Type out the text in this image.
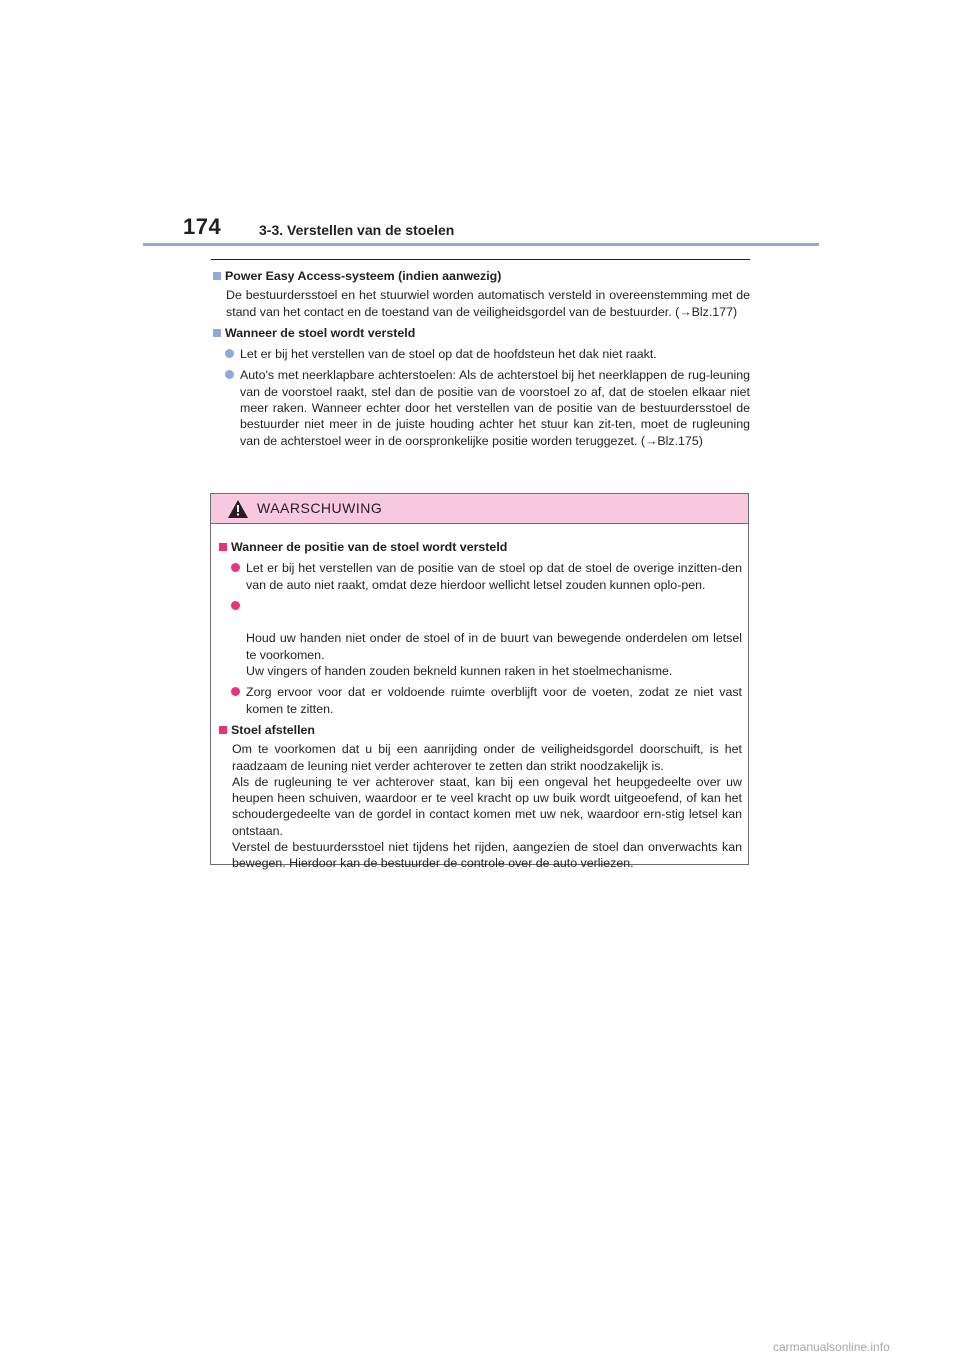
174	3-3. Verstellen van de stoelen
Power Easy Access-systeem (indien aanwezig)
De bestuurdersstoel en het stuurwiel worden automatisch versteld in overeenstemming met de stand van het contact en de toestand van de veiligheidsgordel van de bestuurder. (→Blz.177)
Wanneer de stoel wordt versteld
Let er bij het verstellen van de stoel op dat de hoofdsteun het dak niet raakt.
Auto's met neerklapbare achterstoelen: Als de achterstoel bij het neerklappen de rug-leuning van de voorstoel raakt, stel dan de positie van de voorstoel zo af, dat de stoelen elkaar niet meer raken. Wanneer echter door het verstellen van de positie van de bestuurdersstoel de bestuurder niet meer in de juiste houding achter het stuur kan zit-ten, moet de rugleuning van de achterstoel weer in de oorspronkelijke positie worden teruggezet. (→Blz.175)
WAARSCHUWING
Wanneer de positie van de stoel wordt versteld
Let er bij het verstellen van de positie van de stoel op dat de stoel de overige inzitten-den van de auto niet raakt, omdat deze hierdoor wellicht letsel zouden kunnen oplo-pen.

Houd uw handen niet onder de stoel of in de buurt van bewegende onderdelen om letsel te voorkomen.
Uw vingers of handen zouden bekneld kunnen raken in het stoelmechanisme.

Zorg ervoor voor dat er voldoende ruimte overblijft voor de voeten, zodat ze niet vast komen te zitten.
Stoel afstellen
Om te voorkomen dat u bij een aanrijding onder de veiligheidsgordel doorschuift, is het raadzaam de leuning niet verder achterover te zetten dan strikt noodzakelijk is.
Als de rugleuning te ver achterover staat, kan bij een ongeval het heupgedeelte over uw heupen heen schuiven, waardoor er te veel kracht op uw buik wordt uitgeoefend, of kan het schoudergedeelte van de gordel in contact komen met uw nek, waardoor ern-stig letsel kan ontstaan.
Verstel de bestuurdersstoel niet tijdens het rijden, aangezien de stoel dan onverwachts kan bewegen. Hierdoor kan de bestuurder de controle over de auto verliezen.
carmanualsonline.info
